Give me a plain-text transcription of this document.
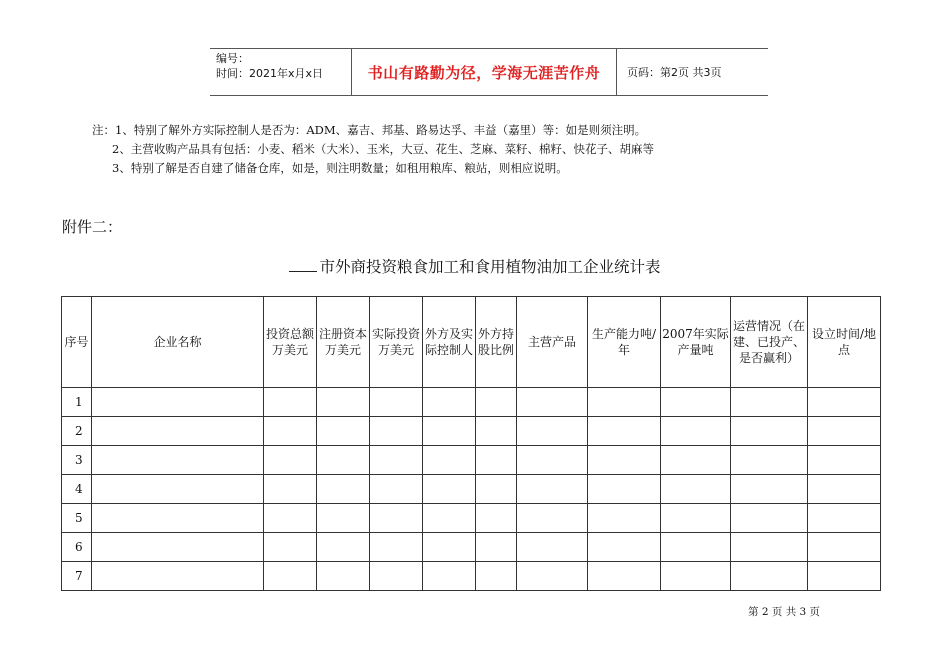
编号：
时间：2021年x月x日	书山有路勤为径，学海无涯苦作舟	页码：第2页 共3页
注：1、特别了解外方实际控制人是否为：ADM、嘉吉、邦基、路易达孚、丰益（嘉里）等：如是则须注明。
2、主营收购产品具有包括：小麦、稻米（大米）、玉米，大豆、花生、芝麻、菜籽、棉籽、快花子、胡麻等
3、特别了解是否自建了储备仓库，如是，则注明数量；如租用粮库、粮站，则相应说明。
附件二：
市外商投资粮食加工和食用植物油加工企业统计表
序号	企业名称	投资总额万美元	注册资本万美元	实际投资万美元	外方及实际控制人	外方持股比例	主营产品	生产能力吨/年	2007年实际产量吨	运营情况（在建、已投产、是否赢利）	设立时间/地点
1											
2											
3											
4											
5											
6											
7											
第 2 页 共 3 页
